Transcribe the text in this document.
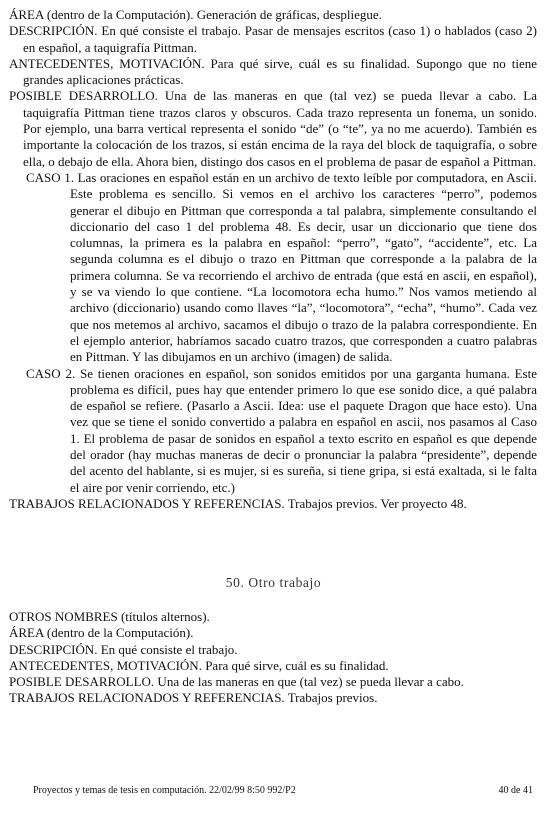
ÁREA (dentro de la Computación). Generación de gráficas, despliegue.

DESCRIPCIÓN. En qué consiste el trabajo. Pasar de mensajes escritos (caso 1) o hablados (caso 2) en español, a taquigrafía Pittman.

ANTECEDENTES, MOTIVACIÓN. Para qué sirve, cuál es su finalidad. Supongo que no tiene grandes aplicaciones prácticas.

POSIBLE DESARROLLO. Una de las maneras en que (tal vez) se pueda llevar a cabo. La taquigrafía Pittman tiene trazos claros y obscuros. Cada trazo representa un fonema, un sonido. Por ejemplo, una barra vertical representa el sonido “de” (o “te”, ya no me acuerdo). También es importante la colocación de los trazos, si están encima de la raya del block de taquigrafía, o sobre ella, o debajo de ella. Ahora bien, distingo dos casos en el problema de pasar de español a Pittman.

CASO 1. Las oraciones en español están en un archivo de texto leíble por computadora, en Ascii. Este problema es sencillo. Si vemos en el archivo los caracteres “perro”, podemos generar el dibujo en Pittman que corresponda a tal palabra, simplemente consultando el diccionario del caso 1 del problema 48. Es decir, usar un diccionario que tiene dos columnas, la primera es la palabra en español: “perro”, “gato”, “accidente”, etc. La segunda columna es el dibujo o trazo en Pittman que corresponde a la palabra de la primera columna. Se va recorriendo el archivo de entrada (que está en ascii, en español), y se va viendo lo que contiene. “La locomotora echa humo.” Nos vamos metiendo al archivo (diccionario) usando como llaves “la”, “locomotora”, “echa”, “humo”. Cada vez que nos metemos al archivo, sacamos el dibujo o trazo de la palabra correspondiente. En el ejemplo anterior, habríamos sacado cuatro trazos, que corresponden a cuatro palabras en Pittman. Y las dibujamos en un archivo (imagen) de salida.

CASO 2. Se tienen oraciones en español, son sonidos emitidos por una garganta humana. Este problema es difícil, pues hay que entender primero lo que ese sonido dice, a qué palabra de español se refiere. (Pasarlo a Ascii. Idea: use el paquete Dragon que hace esto). Una vez que se tiene el sonido convertido a palabra en español en ascii, nos pasamos al Caso 1. El problema de pasar de sonidos en español a texto escrito en español es que depende del orador (hay muchas maneras de decir o pronunciar la palabra “presidente”, depende del acento del hablante, si es mujer, si es sureña, si tiene gripa, si está exaltada, si le falta el aire por venir corriendo, etc.)

TRABAJOS RELACIONADOS Y REFERENCIAS. Trabajos previos. Ver proyecto 48.

50. Otro trabajo

OTROS NOMBRES (títulos alternos).

ÁREA (dentro de la Computación).

DESCRIPCIÓN. En qué consiste el trabajo.

ANTECEDENTES, MOTIVACIÓN. Para qué sirve, cuál es su finalidad.

POSIBLE DESARROLLO. Una de las maneras en que (tal vez) se pueda llevar a cabo.

TRABAJOS RELACIONADOS Y REFERENCIAS. Trabajos previos.

Proyectos y temas de tesis en computación. 22/02/99 8:50 992/P2	40 de 41
